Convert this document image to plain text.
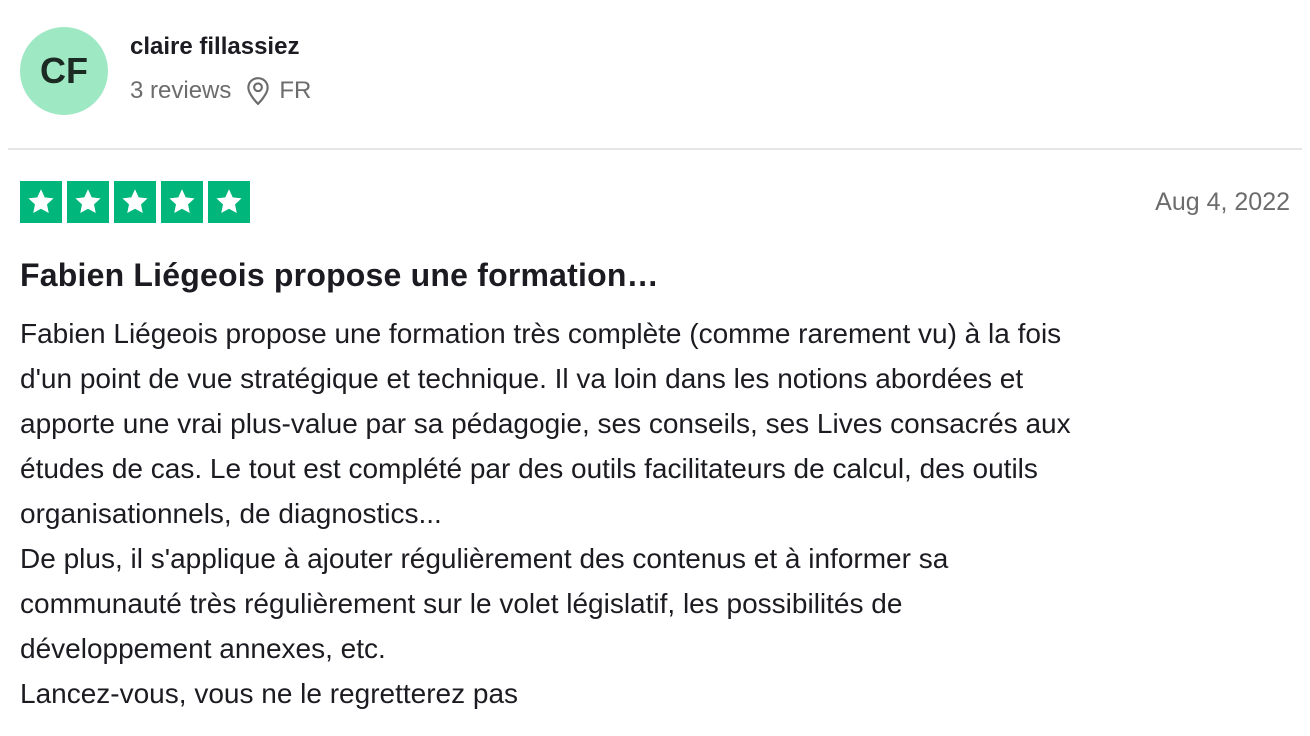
CF
claire fillassiez
3 reviews FR
Aug 4, 2022
Fabien Liégeois propose une formation…
Fabien Liégeois propose une formation très complète (comme rarement vu) à la fois
d'un point de vue stratégique et technique. Il va loin dans les notions abordées et
apporte une vrai plus-value par sa pédagogie, ses conseils, ses Lives consacrés aux
études de cas. Le tout est complété par des outils facilitateurs de calcul, des outils
organisationnels, de diagnostics...
De plus, il s'applique à ajouter régulièrement des contenus et à informer sa
communauté très régulièrement sur le volet législatif, les possibilités de
développement annexes, etc.
Lancez-vous, vous ne le regretterez pas
